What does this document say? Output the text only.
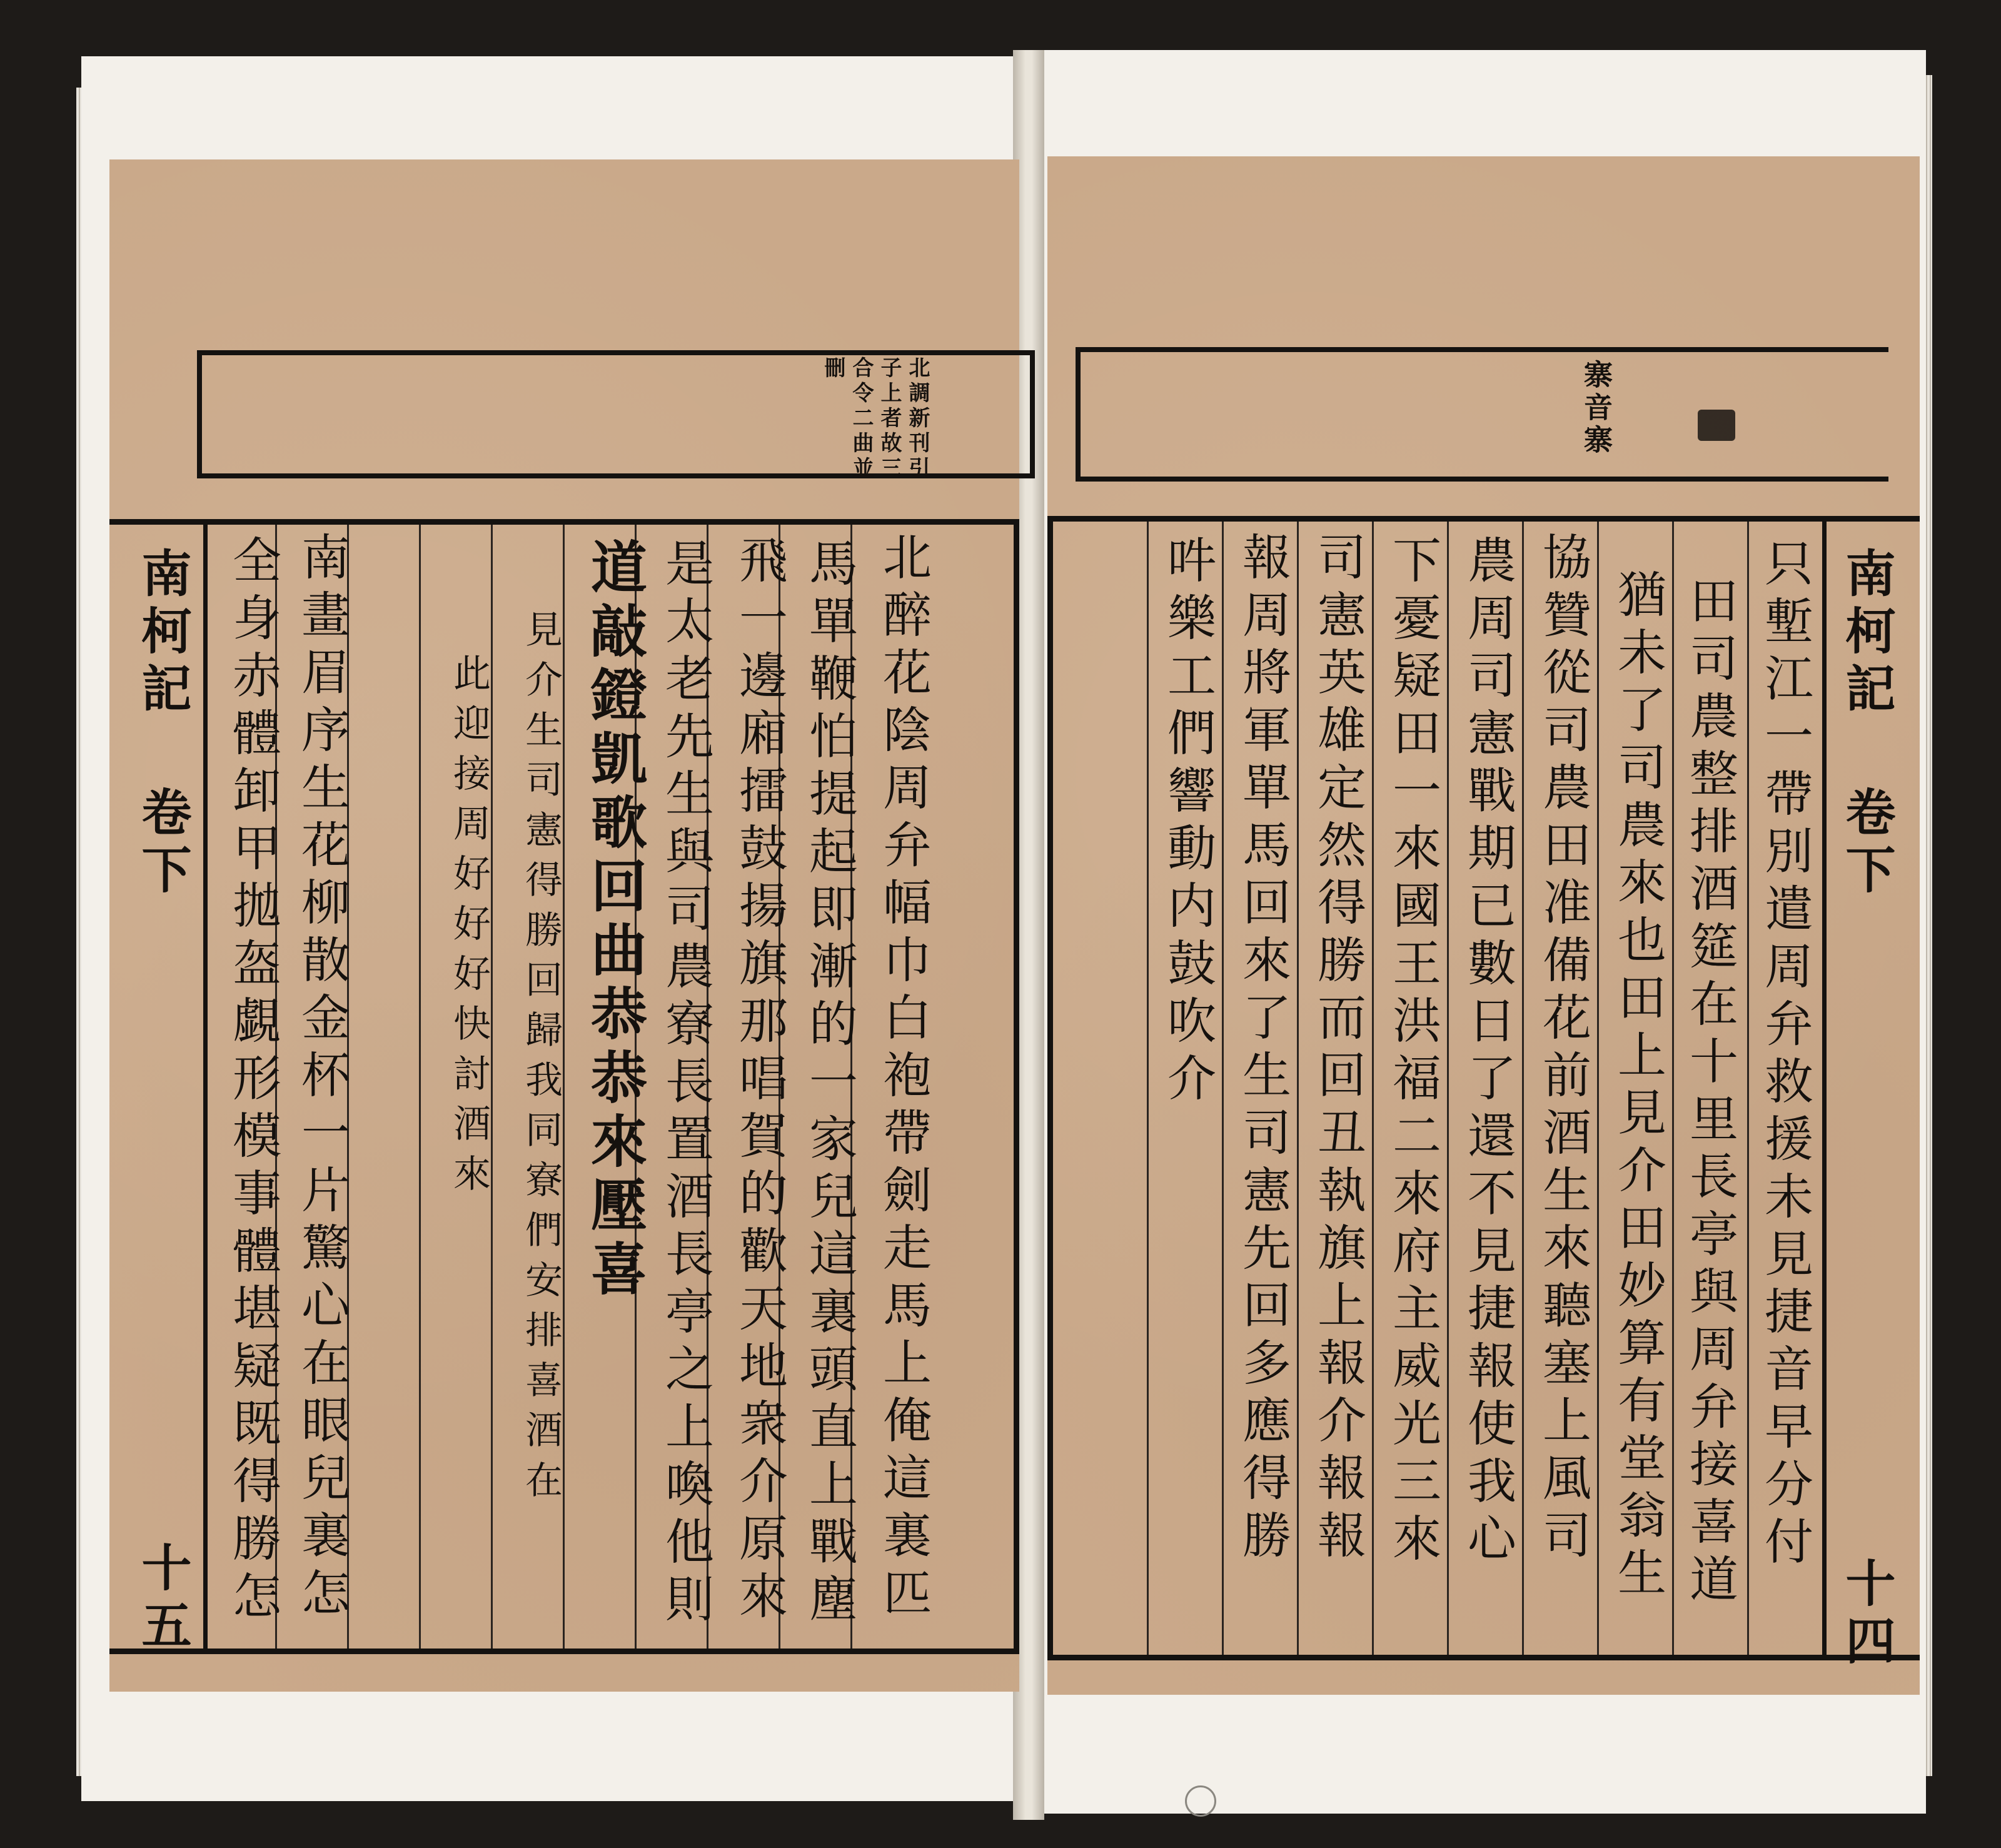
北調新刊引
子上者故三
合令二曲並
刪
南柯記 卷下
十五	北醉花陰周弁幅巾白袍帶劍走馬上俺這裏匹
馬單鞭怕提起即漸的一家兒這裏頭直上戰塵
飛一邊廂擂鼓揚旗那唱賀的歡天地衆介原來
是太老先生與司農寮長置酒長亭之上喚他則
道敲鐙凱歌回曲恭恭來壓喜
見介生司憲得勝回歸我同寮們安排喜酒在
此迎接周好好好快討酒來
南畫眉序生花柳散金杯一片驚心在眼兒裏怎
全身赤體卸甲拋盔覷形模事體堪疑既得勝怎
寨音寨
南柯記 卷下
十四
只塹江一帶別遣周弁救援未見捷音早分付
田司農整排酒筵在十里長亭與周弁接喜道
猶未了司農來也田上見介田妙算有堂翁生
協贊從司農田准備花前酒生來聽塞上風司
農周司憲戰期已數日了還不見捷報使我心
下憂疑田一來國王洪福二來府主威光三來
司憲英雄定然得勝而回丑執旗上報介報報
報周將軍單馬回來了生司憲先回多應得勝
吽樂工們響動内鼓吹介
